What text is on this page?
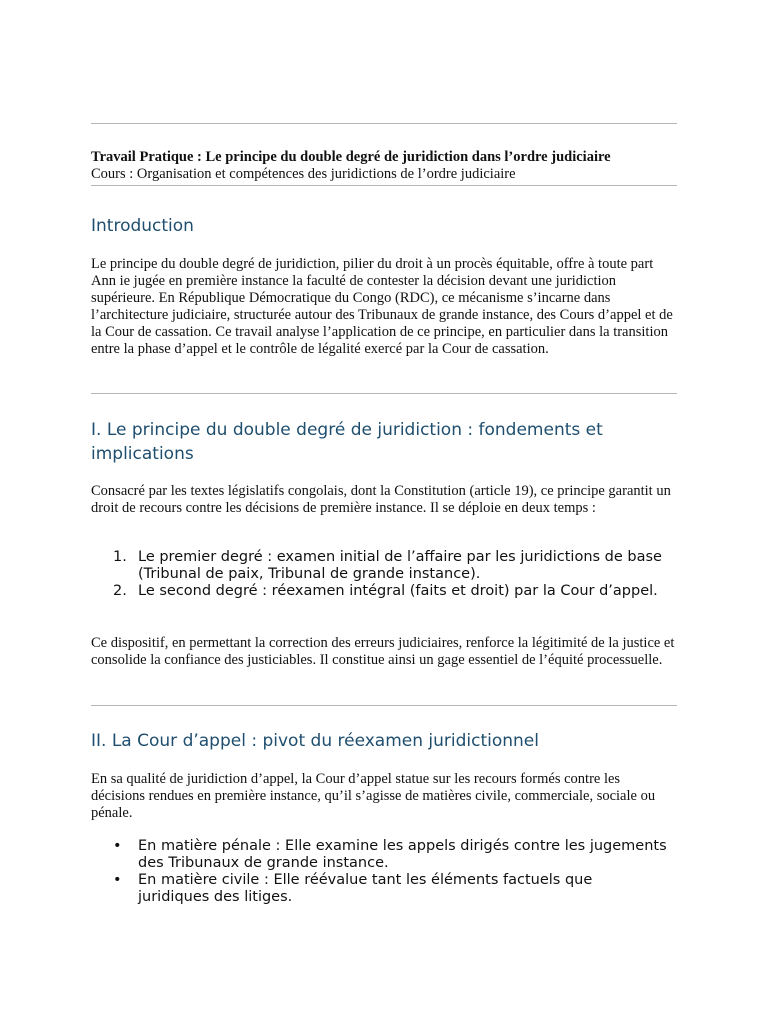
Travail Pratique : Le principe du double degré de juridiction dans l’ordre judiciaire
Cours : Organisation et compétences des juridictions de l’ordre judiciaire
Introduction

Le principe du double degré de juridiction, pilier du droit à un procès équitable, offre à toute part Ann ie jugée en première instance la faculté de contester la décision devant une juridiction supérieure. En République Démocratique du Congo (RDC), ce mécanisme s’incarne dans l’architecture judiciaire, structurée autour des Tribunaux de grande instance, des Cours d’appel et de la Cour de cassation. Ce travail analyse l’application de ce principe, en particulier dans la transition entre la phase d’appel et le contrôle de légalité exercé par la Cour de cassation.

I. Le principe du double degré de juridiction : fondements et implications

Consacré par les textes législatifs congolais, dont la Constitution (article 19), ce principe garantit un droit de recours contre les décisions de première instance. Il se déploie en deux temps :

1. Le premier degré : examen initial de l’affaire par les juridictions de base (Tribunal de paix, Tribunal de grande instance).
2. Le second degré : réexamen intégral (faits et droit) par la Cour d’appel.

Ce dispositif, en permettant la correction des erreurs judiciaires, renforce la légitimité de la justice et consolide la confiance des justiciables. Il constitue ainsi un gage essentiel de l’équité processuelle.

II. La Cour d’appel : pivot du réexamen juridictionnel

En sa qualité de juridiction d’appel, la Cour d’appel statue sur les recours formés contre les décisions rendues en première instance, qu’il s’agisse de matières civile, commerciale, sociale ou pénale.

• En matière pénale : Elle examine les appels dirigés contre les jugements des Tribunaux de grande instance.
• En matière civile : Elle réévalue tant les éléments factuels que juridiques des litiges.
